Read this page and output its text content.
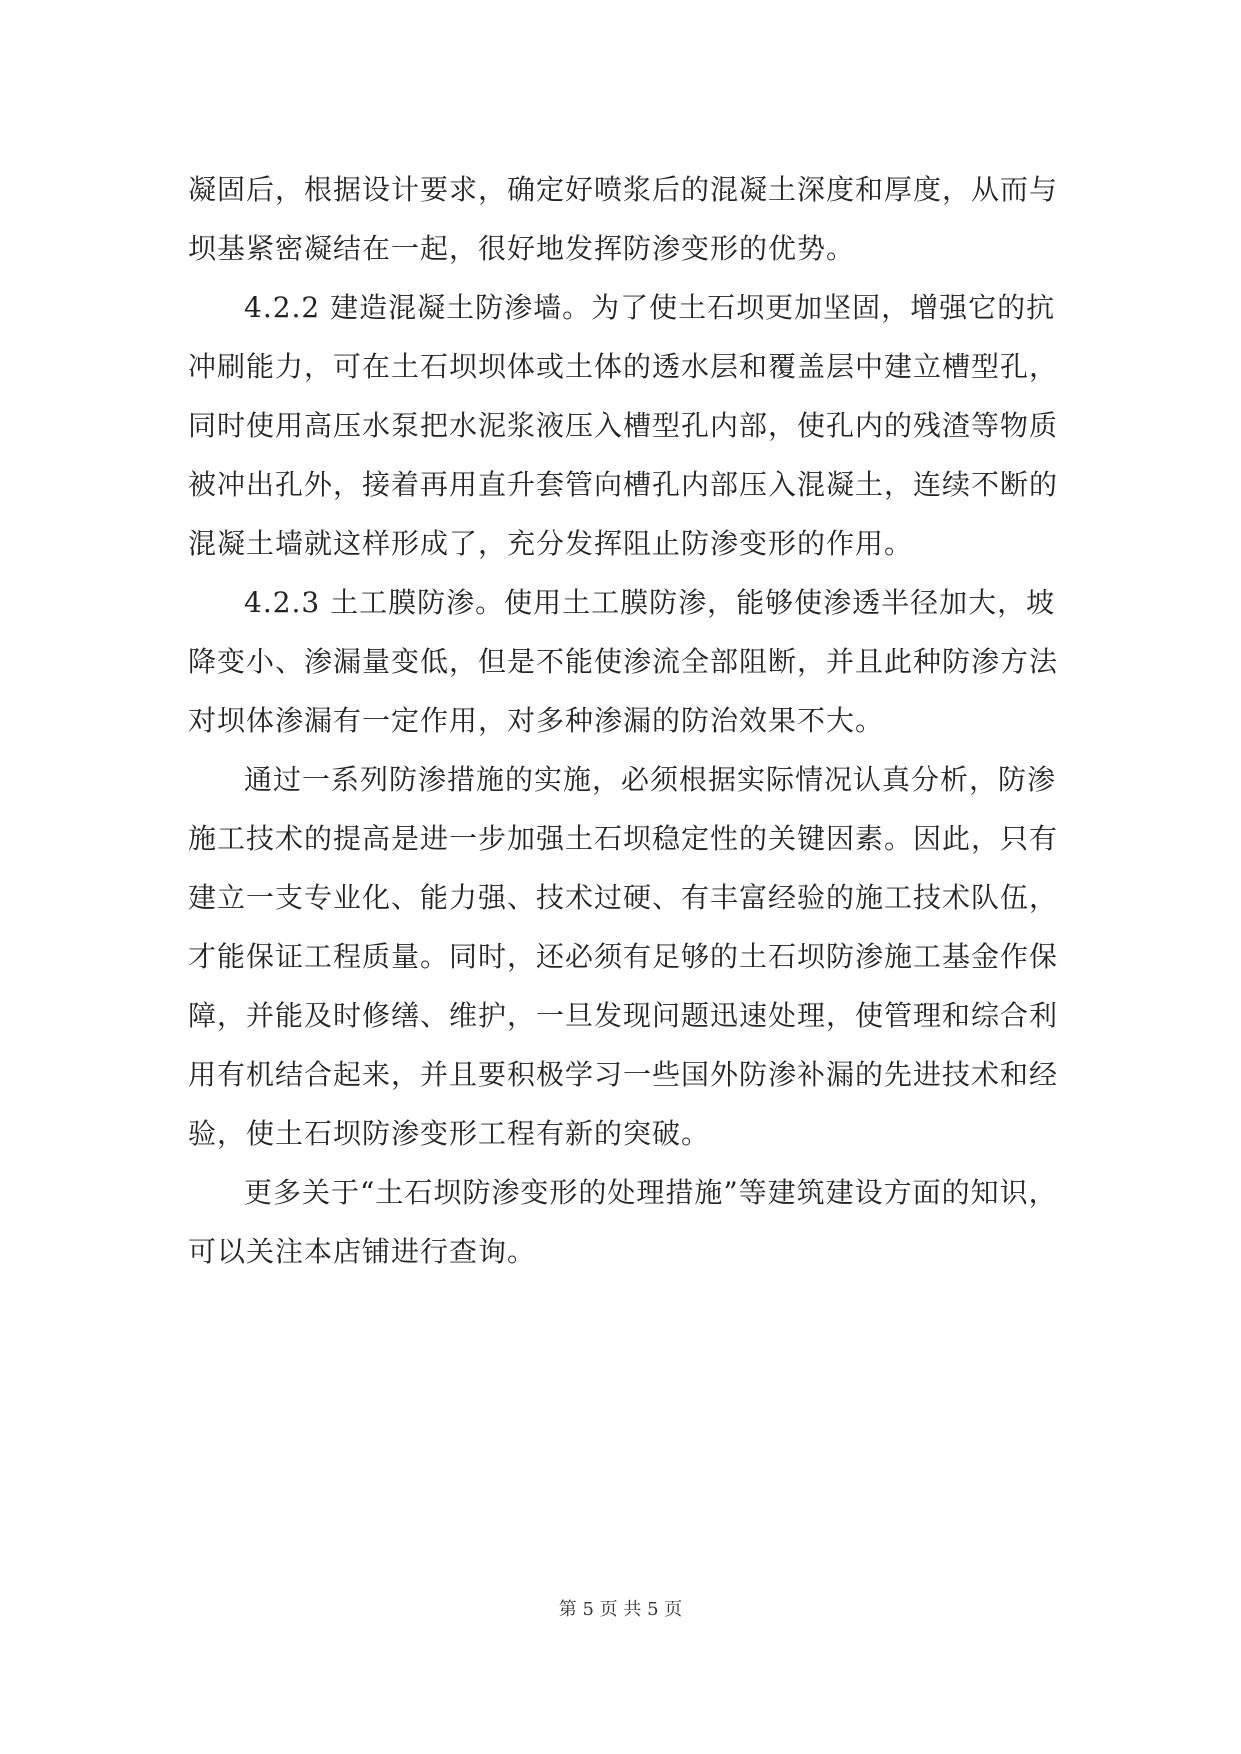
凝固后，根据设计要求，确定好喷浆后的混凝土深度和厚度，从而与
坝基紧密凝结在一起，很好地发挥防渗变形的优势。
4.2.2 建造混凝土防渗墙。为了使土石坝更加坚固，增强它的抗
冲刷能力，可在土石坝坝体或土体的透水层和覆盖层中建立槽型孔，
同时使用高压水泵把水泥浆液压入槽型孔内部，使孔内的残渣等物质
被冲出孔外，接着再用直升套管向槽孔内部压入混凝土，连续不断的
混凝土墙就这样形成了，充分发挥阻止防渗变形的作用。
4.2.3 土工膜防渗。使用土工膜防渗，能够使渗透半径加大，坡
降变小、渗漏量变低，但是不能使渗流全部阻断，并且此种防渗方法
对坝体渗漏有一定作用，对多种渗漏的防治效果不大。
通过一系列防渗措施的实施，必须根据实际情况认真分析，防渗
施工技术的提高是进一步加强土石坝稳定性的关键因素。因此，只有
建立一支专业化、能力强、技术过硬、有丰富经验的施工技术队伍，
才能保证工程质量。同时，还必须有足够的土石坝防渗施工基金作保
障，并能及时修缮、维护，一旦发现问题迅速处理，使管理和综合利
用有机结合起来，并且要积极学习一些国外防渗补漏的先进技术和经
验，使土石坝防渗变形工程有新的突破。
更多关于“土石坝防渗变形的处理措施”等建筑建设方面的知识，
可以关注本店铺进行查询。
第 5 页 共 5 页
